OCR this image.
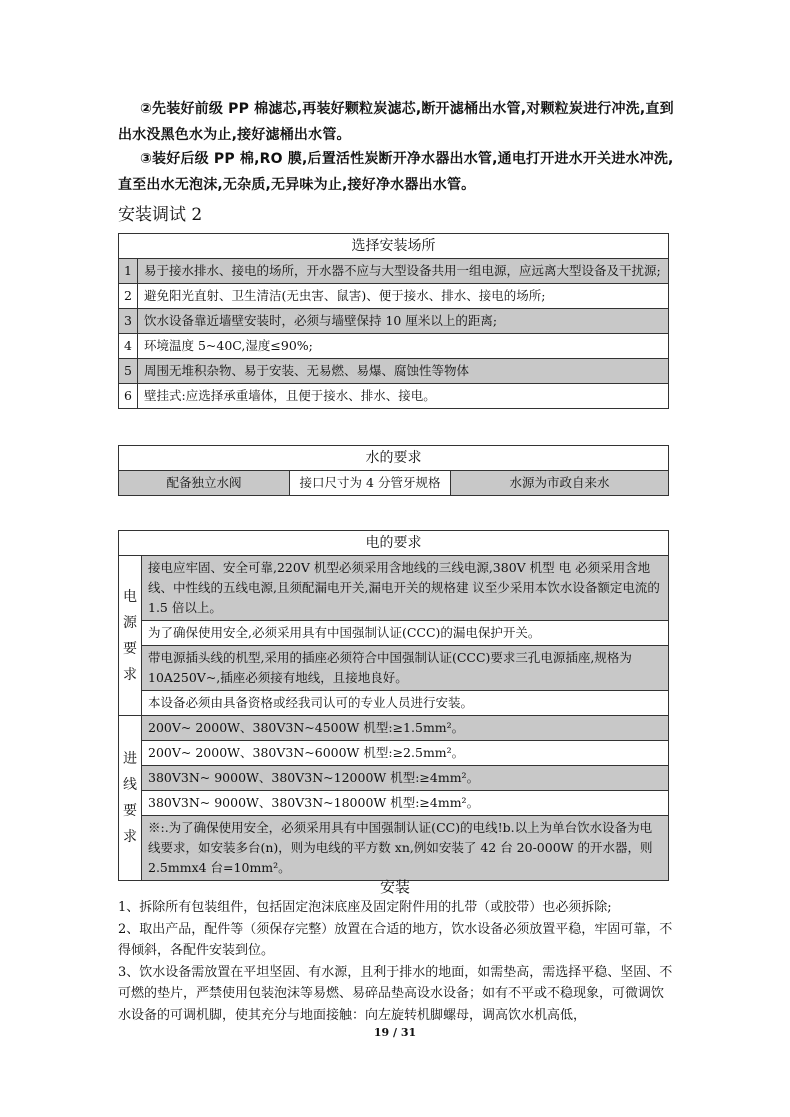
②先装好前级 PP 棉滤芯,再装好颗粒炭滤芯,断开滤桶出水管,对颗粒炭进行冲洗,直到出水没黑色水为止,接好滤桶出水管。
③装好后级 PP 棉,RO 膜,后置活性炭断开净水器出水管,通电打开进水开关进水冲洗,直至出水无泡沫,无杂质,无异味为止,接好净水器出水管。
安装调试 2
选择安装场所	
1	易于接水排水、接电的场所，开水器不应与大型设备共用一组电源，应远离大型设备及干扰源;
2	避免阳光直射、卫生清洁(无虫害、鼠害)、便于接水、排水、接电的场所;
3	饮水设备靠近墙壁安装时，必须与墙壁保持 10 厘米以上的距离;
4	环境温度 5~40C,湿度≤90%;
5	周围无堆积杂物、易于安装、无易燃、易爆、腐蚀性等物体
6	壁挂式:应选择承重墙体，且便于接水、排水、接电。
水的要求
配备独立水阀	接口尺寸为 4 分管牙规格	水源为市政自来水
电的要求	

电
源
要
求	接电应牢固、安全可靠,220V 机型必须采用含地线的三线电源,380V 机型 电 必须采用含地线、中性线的五线电源,且须配漏电开关,漏电开关的规格建 议至少采用本饮水设备额定电流的 1.5 倍以上。
	为了确保使用安全,必须采用具有中国强制认证(CCC)的漏电保护开关。
	带电源插头线的机型,采用的插座必须符合中国强制认证(CCC)要求三孔电源插座,规格为 10A250V~,插座必须接有地线，且接地良好。
	本设备必须由具备资格或经我司认可的专业人员进行安装。

进
线
要
求	200V~ 2000W、380V3N~4500W 机型:≥1.5mm²。
	200V~ 2000W、380V3N~6000W 机型:≥2.5mm²。
	380V3N~ 9000W、380V3N~12000W 机型:≥4mm²。
	380V3N~ 9000W、380V3N~18000W 机型:≥4mm²。
	※:.为了确保使用安全，必须采用具有中国强制认证(CC)的电线!b.以上为单台饮水设备为电线要求，如安装多台(n)，则为电线的平方数 xn,例如安装了 42 台 20-000W 的开水器，则 2.5mmx4 台=10mm²。
安装
1、拆除所有包装组件，包括固定泡沫底座及固定附件用的扎带（或胶带）也必须拆除;
2、取出产品，配件等（须保存完整）放置在合适的地方，饮水设备必须放置平稳，牢固可靠，不得倾斜，各配件安装到位。
3、饮水设备需放置在平坦坚固、有水源，且利于排水的地面，如需垫高，需选择平稳、坚固、不可燃的垫片，严禁使用包装泡沫等易燃、易碎品垫高设水设备；如有不平或不稳现象，可微调饮水设备的可调机脚，使其充分与地面接触：向左旋转机脚螺母，调高饮水机高低，
19 / 31
